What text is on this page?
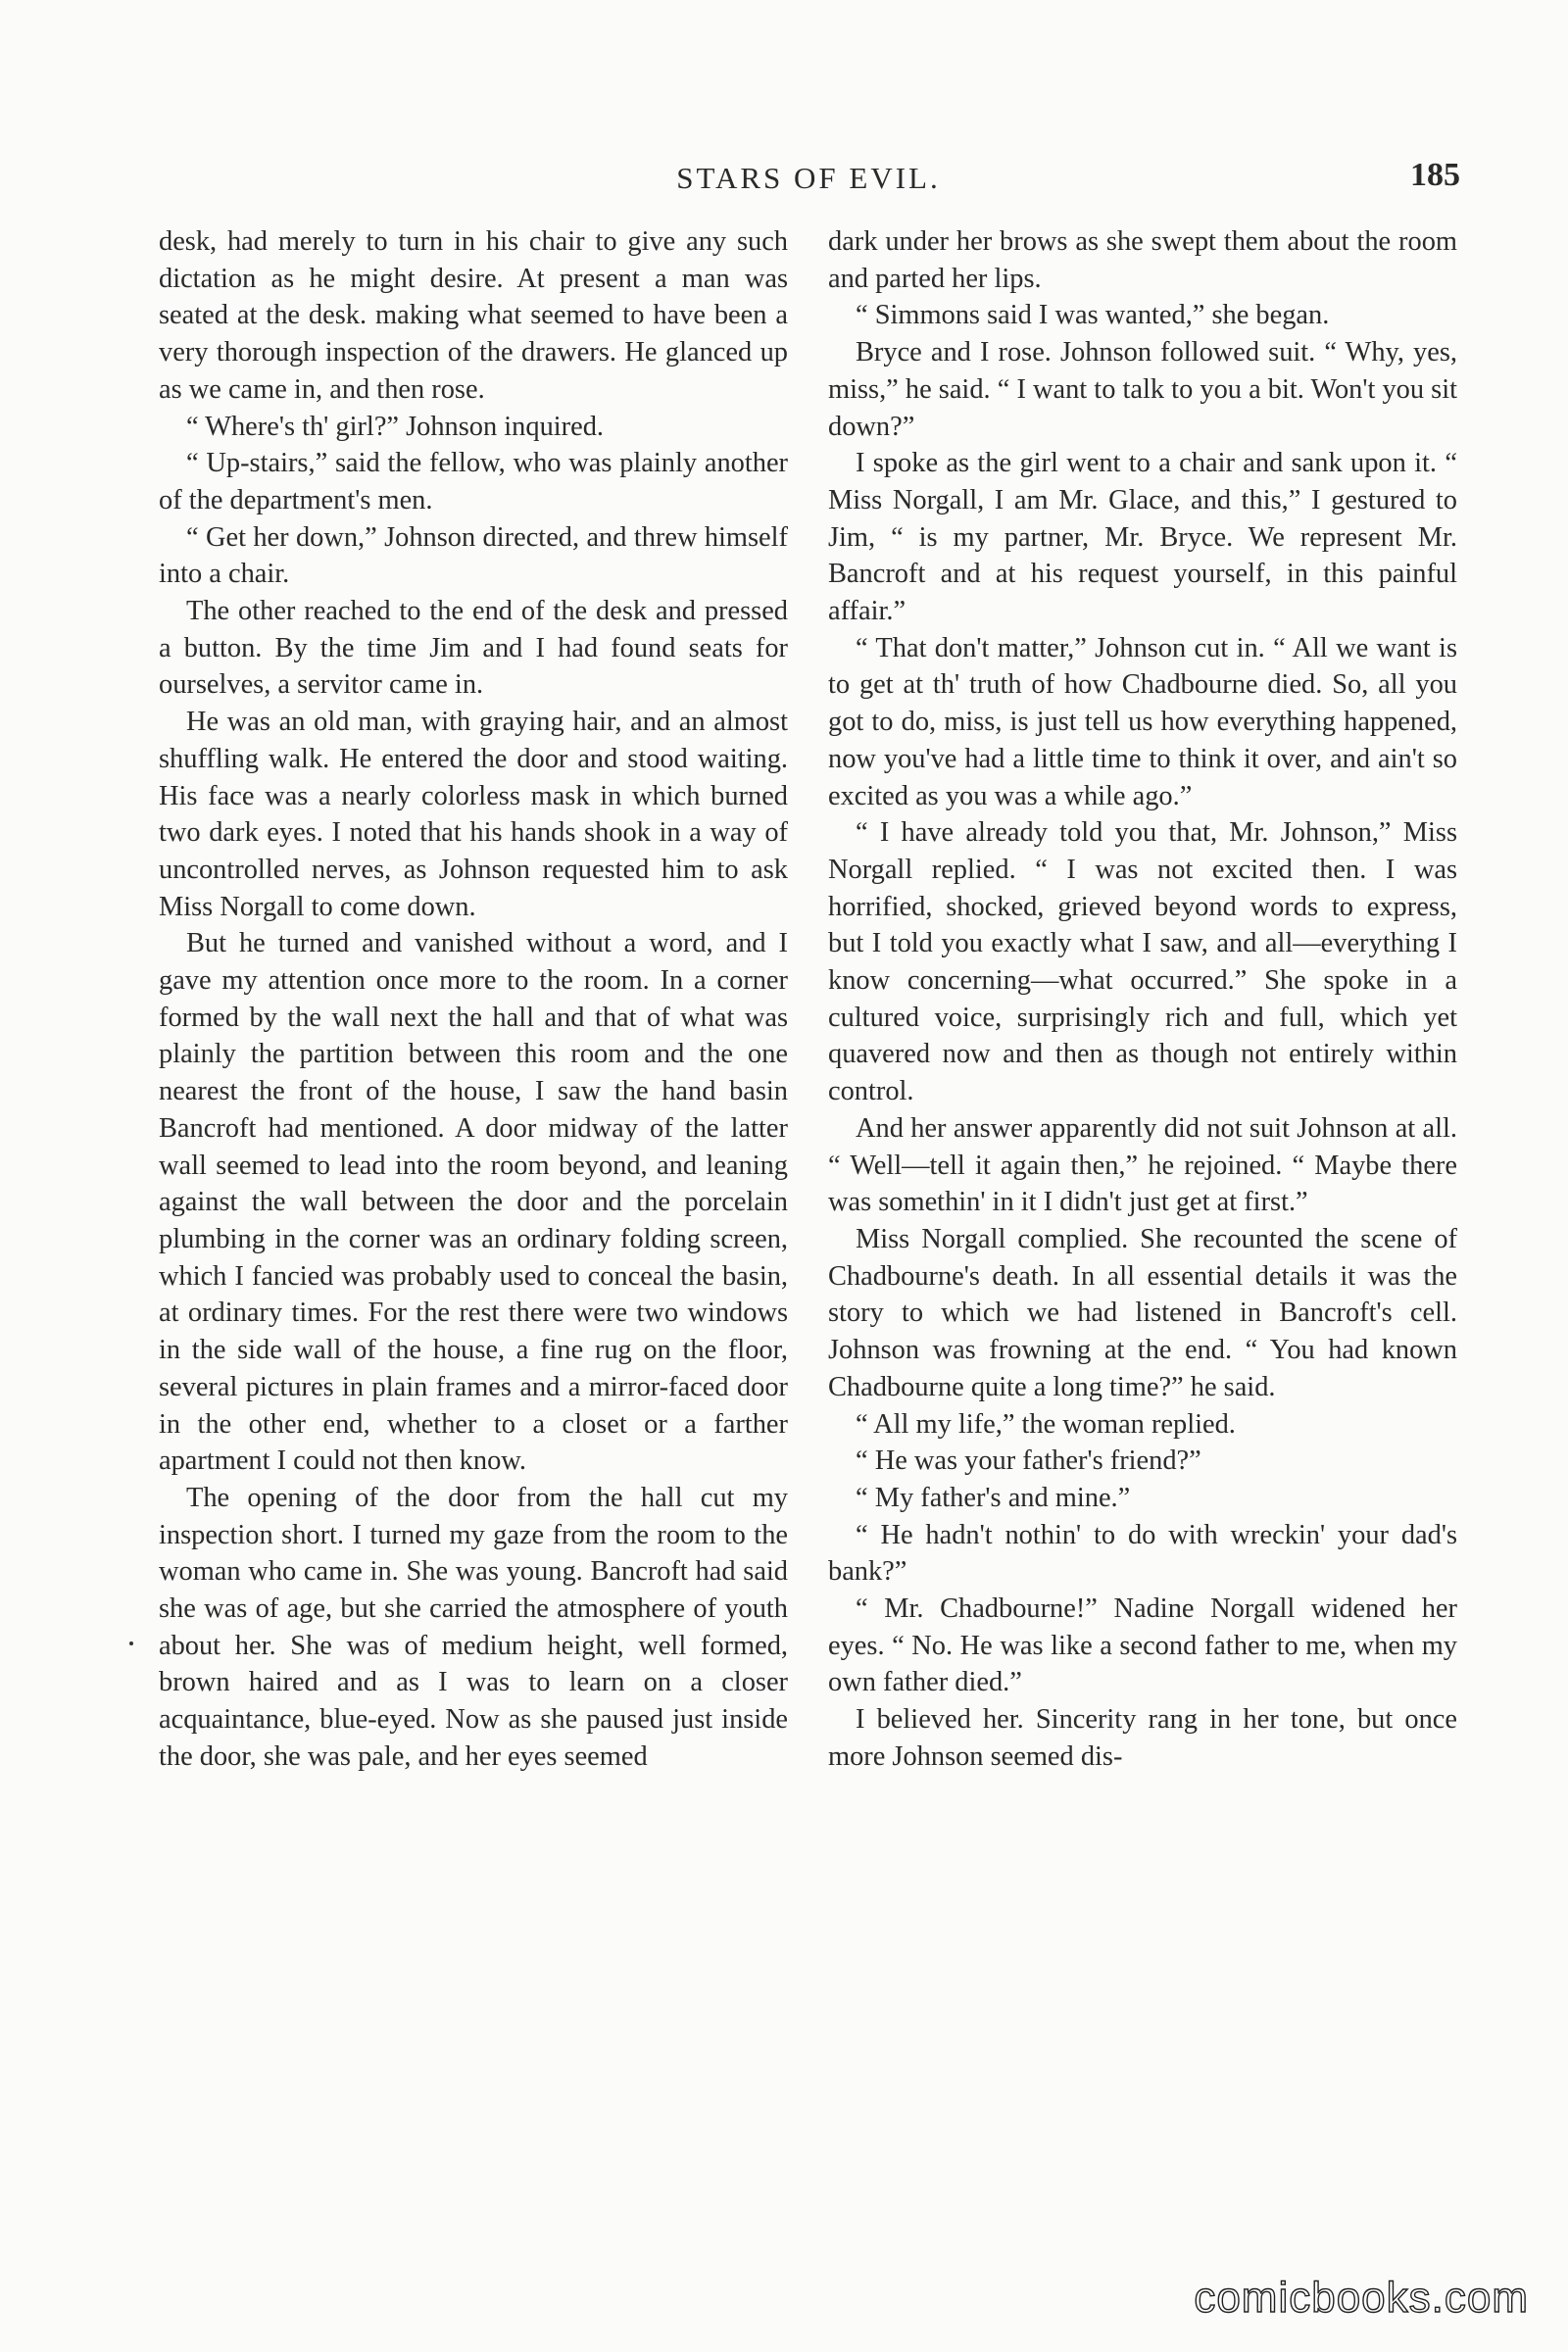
STARS OF EVIL.	185

desk, had merely to turn in his chair to give any such dictation as he might desire. At present a man was seated at the desk. making what seemed to have been a very thorough inspection of the drawers. He glanced up as we came in, and then rose.

“ Where's th' girl?” Johnson inquired.

“ Up-stairs,” said the fellow, who was plainly another of the department's men.

“ Get her down,” Johnson directed, and threw himself into a chair.

The other reached to the end of the desk and pressed a button. By the time Jim and I had found seats for ourselves, a servitor came in.

He was an old man, with graying hair, and an almost shuffling walk. He entered the door and stood waiting. His face was a nearly colorless mask in which burned two dark eyes. I noted that his hands shook in a way of uncontrolled nerves, as Johnson requested him to ask Miss Norgall to come down.

But he turned and vanished without a word, and I gave my attention once more to the room. In a corner formed by the wall next the hall and that of what was plainly the partition between this room and the one nearest the front of the house, I saw the hand basin Bancroft had mentioned. A door midway of the latter wall seemed to lead into the room beyond, and leaning against the wall between the door and the porcelain plumbing in the corner was an ordinary folding screen, which I fancied was probably used to conceal the basin, at ordinary times. For the rest there were two windows in the side wall of the house, a fine rug on the floor, several pictures in plain frames and a mirror-faced door in the other end, whether to a closet or a farther apartment I could not then know.

The opening of the door from the hall cut my inspection short. I turned my gaze from the room to the woman who came in. She was young. Bancroft had said she was of age, but she carried the atmosphere of youth about her. She was of medium height, well formed, brown haired and as I was to learn on a closer acquaintance, blue-eyed. Now as she paused just inside the door, she was pale, and her eyes seemed

dark under her brows as she swept them about the room and parted her lips.

“ Simmons said I was wanted,” she began.

Bryce and I rose. Johnson followed suit. “ Why, yes, miss,” he said. “ I want to talk to you a bit. Won't you sit down?”

I spoke as the girl went to a chair and sank upon it. “ Miss Norgall, I am Mr. Glace, and this,” I gestured to Jim, “ is my partner, Mr. Bryce. We represent Mr. Bancroft and at his request yourself, in this painful affair.”

“ That don't matter,” Johnson cut in. “ All we want is to get at th' truth of how Chadbourne died. So, all you got to do, miss, is just tell us how everything happened, now you've had a little time to think it over, and ain't so excited as you was a while ago.”

“ I have already told you that, Mr. Johnson,” Miss Norgall replied. “ I was not excited then. I was horrified, shocked, grieved beyond words to express, but I told you exactly what I saw, and all—everything I know concerning—what occurred.” She spoke in a cultured voice, surprisingly rich and full, which yet quavered now and then as though not entirely within control.

And her answer apparently did not suit Johnson at all. “ Well—tell it again then,” he rejoined. “ Maybe there was somethin' in it I didn't just get at first.”

Miss Norgall complied. She recounted the scene of Chadbourne's death. In all essential details it was the story to which we had listened in Bancroft's cell. Johnson was frowning at the end. “ You had known Chadbourne quite a long time?” he said.

“ All my life,” the woman replied.

“ He was your father's friend?”

“ My father's and mine.”

“ He hadn't nothin' to do with wreckin' your dad's bank?”

“ Mr. Chadbourne!” Nadine Norgall widened her eyes. “ No. He was like a second father to me, when my own father died.”

I believed her. Sincerity rang in her tone, but once more Johnson seemed dis-

comicbooks.com
